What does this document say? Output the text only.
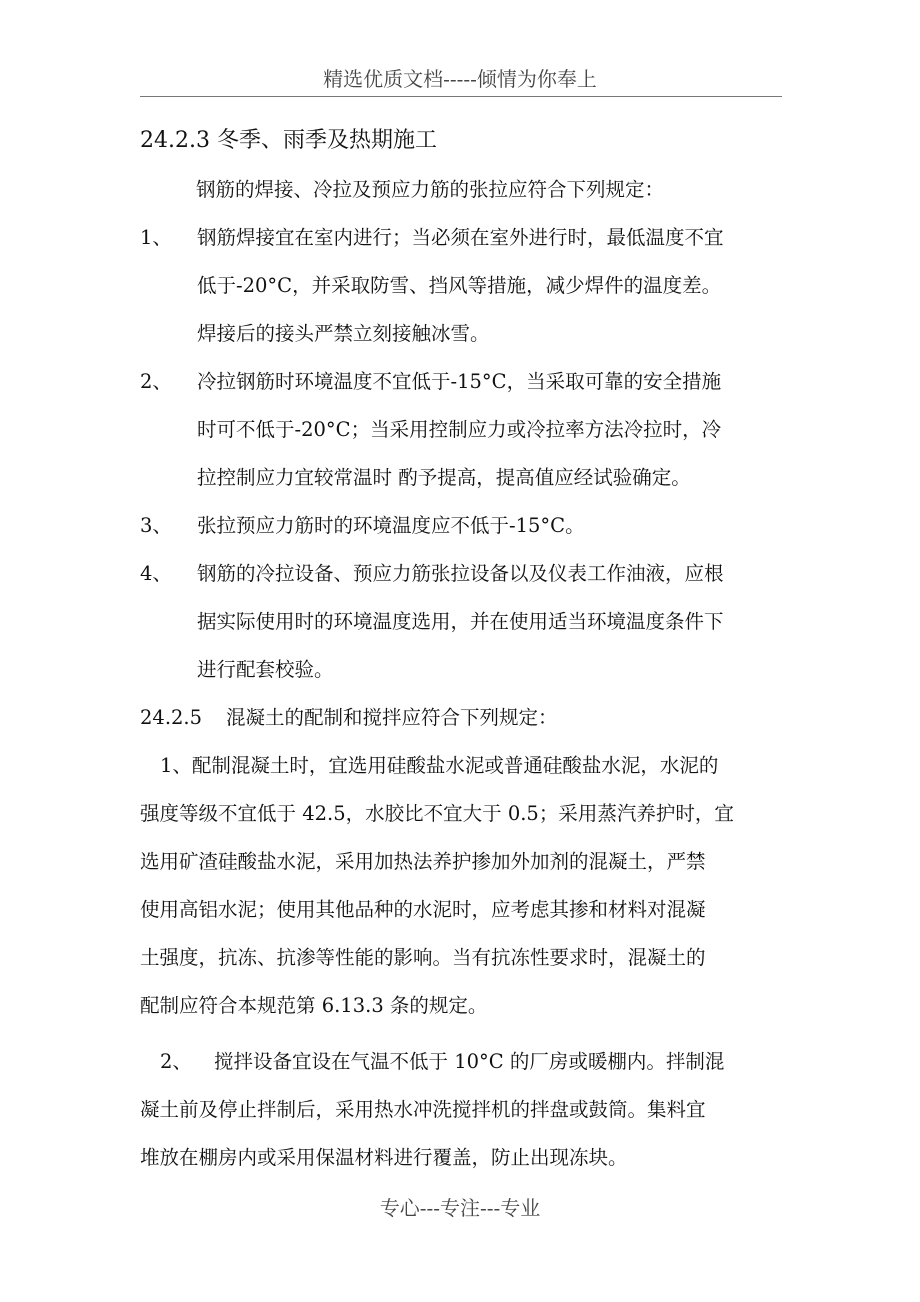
精选优质文档-----倾情为你奉上
24.2.3 冬季、雨季及热期施工
钢筋的焊接、冷拉及预应力筋的张拉应符合下列规定：
1、	钢筋焊接宜在室内进行；当必须在室外进行时，最低温度不宜
低于-20°C，并采取防雪、挡风等措施，减少焊件的温度差。
焊接后的接头严禁立刻接触冰雪。
2、	冷拉钢筋时环境温度不宜低于-15°C，当采取可靠的安全措施
时可不低于-20°C；当采用控制应力或冷拉率方法冷拉时，冷
拉控制应力宜较常温时 酌予提高，提高值应经试验确定。
3、	张拉预应力筋时的环境温度应不低于-15°C。
4、	钢筋的冷拉设备、预应力筋张拉设备以及仪表工作油液，应根
据实际使用时的环境温度选用，并在使用适当环境温度条件下
进行配套校验。
24.2.5 混凝土的配制和搅拌应符合下列规定：
1、配制混凝土时，宜选用硅酸盐水泥或普通硅酸盐水泥，水泥的
强度等级不宜低于 42.5，水胶比不宜大于 0.5；采用蒸汽养护时，宜
选用矿渣硅酸盐水泥，采用加热法养护掺加外加剂的混凝土，严禁
使用高铝水泥；使用其他品种的水泥时，应考虑其掺和材料对混凝
土强度，抗冻、抗渗等性能的影响。当有抗冻性要求时，混凝土的
配制应符合本规范第 6.13.3 条的规定。
2、 搅拌设备宜设在气温不低于 10°C 的厂房或暖棚内。拌制混
凝土前及停止拌制后，采用热水冲洗搅拌机的拌盘或鼓筒。集料宜
堆放在棚房内或采用保温材料进行覆盖，防止出现冻块。
专心---专注---专业
